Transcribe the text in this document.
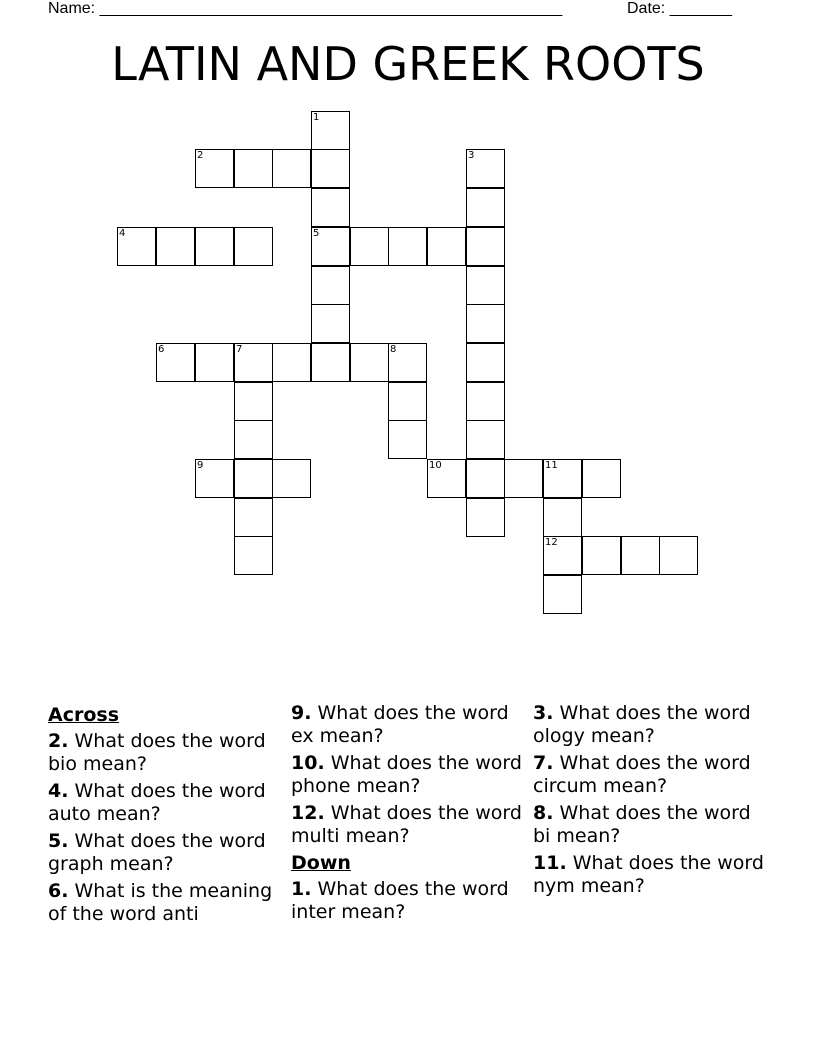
Name: ____________________________________________________	Date: _______
LATIN AND GREEK ROOTS
1
2	3
4	5
6	7	8
9	10	11
12
Across
2. What does the word bio mean?
4. What does the word auto mean?
5. What does the word graph mean?
6. What is the meaning of the word anti
9. What does the word ex mean?
10. What does the word phone mean?
12. What does the word multi mean?
Down
1. What does the word inter mean?
3. What does the word ology mean?
7. What does the word circum mean?
8. What does the word bi mean?
11. What does the word nym mean?
